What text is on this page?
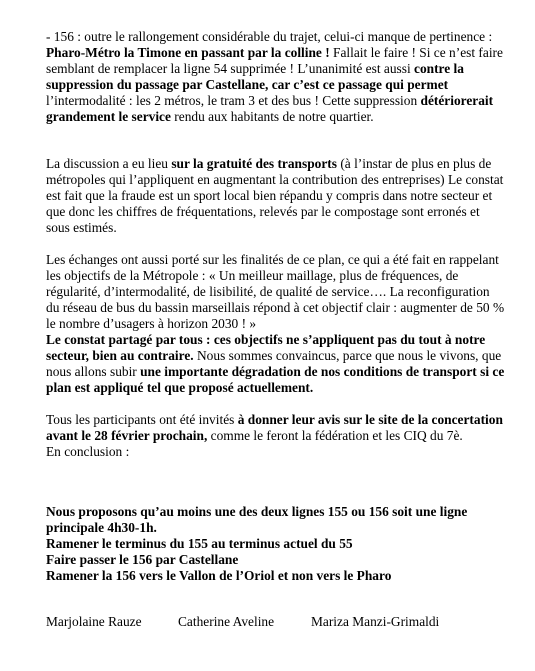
- 156 : outre le rallongement considérable du trajet, celui-ci manque de pertinence : Pharo-Métro la Timone en passant par la colline ! Fallait le faire ! Si ce n’est faire semblant de remplacer la ligne 54 supprimée ! L’unanimité est aussi contre la suppression du passage par Castellane, car c’est ce passage qui permet l’intermodalité : les 2 métros, le tram 3 et des bus ! Cette suppression détériorerait grandement le service rendu aux habitants de notre quartier.

La discussion a eu lieu sur la gratuité des transports (à l’instar de plus en plus de métropoles qui l’appliquent en augmentant la contribution des entreprises) Le constat est fait que la fraude est un sport local bien répandu y compris dans notre secteur et que donc les chiffres de fréquentations, relevés par le compostage sont erronés et sous estimés.

Les échanges ont aussi porté sur les finalités de ce plan, ce qui a été fait en rappelant les objectifs de la Métropole : « Un meilleur maillage, plus de fréquences, de régularité, d’intermodalité, de lisibilité, de qualité de service…. La reconfiguration du réseau de bus du bassin marseillais répond à cet objectif clair : augmenter de 50 % le nombre d’usagers à horizon 2030 ! »

Le constat partagé par tous : ces objectifs ne s’appliquent pas du tout à notre secteur, bien au contraire. Nous sommes convaincus, parce que nous le vivons, que nous allons subir une importante dégradation de nos conditions de transport si ce plan est appliqué tel que proposé actuellement.

Tous les participants ont été invités à donner leur avis sur le site de la concertation avant le 28 février prochain, comme le feront la fédération et les CIQ du 7è.

En conclusion :

Nous proposons qu’au moins une des deux lignes 155 ou 156 soit une ligne principale 4h30-1h.

Ramener le terminus du 155 au terminus actuel du 55

Faire passer le 156 par Castellane

Ramener la 156 vers le Vallon de l’Oriol et non vers le Pharo

Marjolaine Rauze	Catherine Aveline	Mariza Manzi-Grimaldi
